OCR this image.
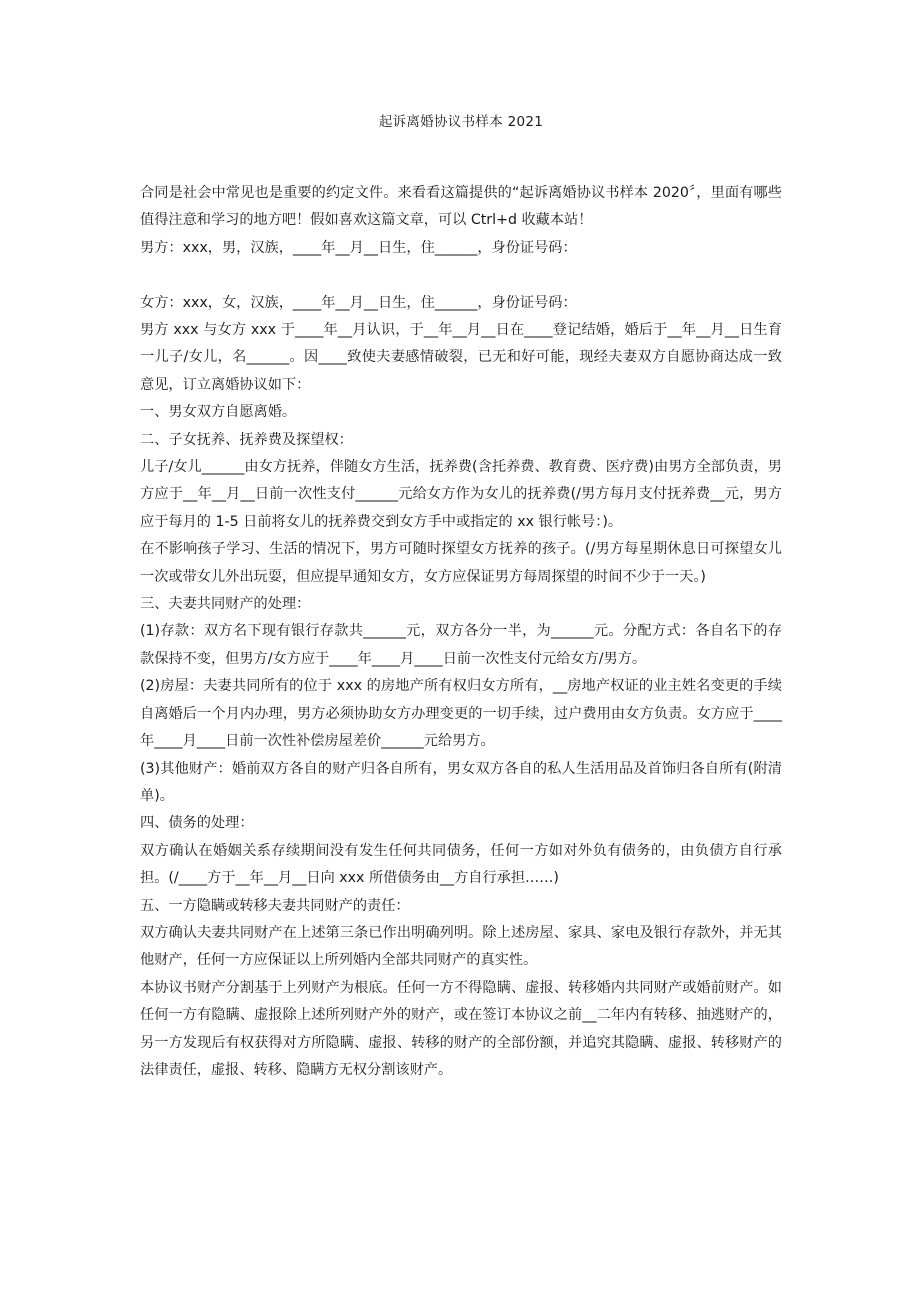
起诉离婚协议书样本 2021

合同是社会中常见也是重要的约定文件。来看看这篇提供的“起诉离婚协议书样本 2020〞，里面有哪些值得注意和学习的地方吧！假如喜欢这篇文章，可以 Ctrl+d 收藏本站！

男方：xxx，男，汉族，____年__月__日生，住______，身份证号码：

女方：xxx，女，汉族，____年__月__日生，住______，身份证号码：

男方 xxx 与女方 xxx 于____年__月认识，于__年__月__日在____登记结婚，婚后于__年__月__日生育一儿子/女儿，名______。因____致使夫妻感情破裂，已无和好可能，现经夫妻双方自愿协商达成一致意见，订立离婚协议如下：

一、男女双方自愿离婚。

二、子女抚养、抚养费及探望权：

儿子/女儿______由女方抚养，伴随女方生活，抚养费(含托养费、教育费、医疗费)由男方全部负责，男方应于__年__月__日前一次性支付______元给女方作为女儿的抚养费(/男方每月支付抚养费__元，男方应于每月的 1-5 日前将女儿的抚养费交到女方手中或指定的 xx 银行帐号：)。

在不影响孩子学习、生活的情况下，男方可随时探望女方抚养的孩子。(/男方每星期休息日可探望女儿一次或带女儿外出玩耍，但应提早通知女方，女方应保证男方每周探望的时间不少于一天。)

三、夫妻共同财产的处理：

(1)存款：双方名下现有银行存款共______元，双方各分一半，为______元。分配方式：各自名下的存款保持不变，但男方/女方应于____年____月____日前一次性支付元给女方/男方。

(2)房屋：夫妻共同所有的位于 xxx 的房地产所有权归女方所有，__房地产权证的业主姓名变更的手续自离婚后一个月内办理，男方必须协助女方办理变更的一切手续，过户费用由女方负责。女方应于____年____月____日前一次性补偿房屋差价______元给男方。

(3)其他财产：婚前双方各自的财产归各自所有，男女双方各自的私人生活用品及首饰归各自所有(附清单)。

四、债务的处理：

双方确认在婚姻关系存续期间没有发生任何共同债务，任何一方如对外负有债务的，由负债方自行承担。(/____方于__年__月__日向 xxx 所借债务由__方自行承担……)

五、一方隐瞒或转移夫妻共同财产的责任：

双方确认夫妻共同财产在上述第三条已作出明确列明。除上述房屋、家具、家电及银行存款外，并无其他财产，任何一方应保证以上所列婚内全部共同财产的真实性。

本协议书财产分割基于上列财产为根底。任何一方不得隐瞒、虚报、转移婚内共同财产或婚前财产。如任何一方有隐瞒、虚报除上述所列财产外的财产，或在签订本协议之前__二年内有转移、抽逃财产的，另一方发现后有权获得对方所隐瞒、虚报、转移的财产的全部份额，并追究其隐瞒、虚报、转移财产的法律责任，虚报、转移、隐瞒方无权分割该财产。
